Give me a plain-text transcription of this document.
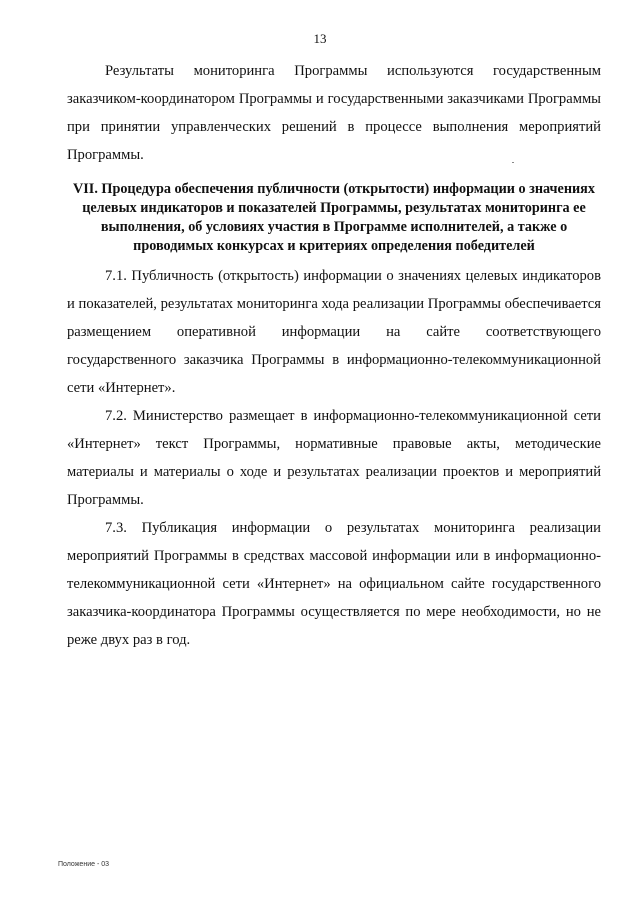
13

Результаты мониторинга Программы используются государственным заказчиком-координатором Программы и государственными заказчиками Программы при принятии управленческих решений в процессе выполнения мероприятий Программы.

VII. Процедура обеспечения публичности (открытости) информации о значениях целевых индикаторов и показателей Программы, результатах мониторинга ее выполнения, об условиях участия в Программе исполнителей, а также о проводимых конкурсах и критериях определения победителей

7.1. Публичность (открытость) информации о значениях целевых индикаторов и показателей, результатах мониторинга хода реализации Программы обеспечивается размещением оперативной информации на сайте соответствующего государственного заказчика Программы в информационно-телекоммуникационной сети «Интернет».

7.2. Министерство размещает в информационно-телекоммуникационной сети «Интернет» текст Программы, нормативные правовые акты, методические материалы и материалы о ходе и результатах реализации проектов и мероприятий Программы.

7.3. Публикация информации о результатах мониторинга реализации мероприятий Программы в средствах массовой информации или в информационно-телекоммуникационной сети «Интернет» на официальном сайте государственного заказчика-координатора Программы осуществляется по мере необходимости, но не реже двух раз в год.

Положение - 03
